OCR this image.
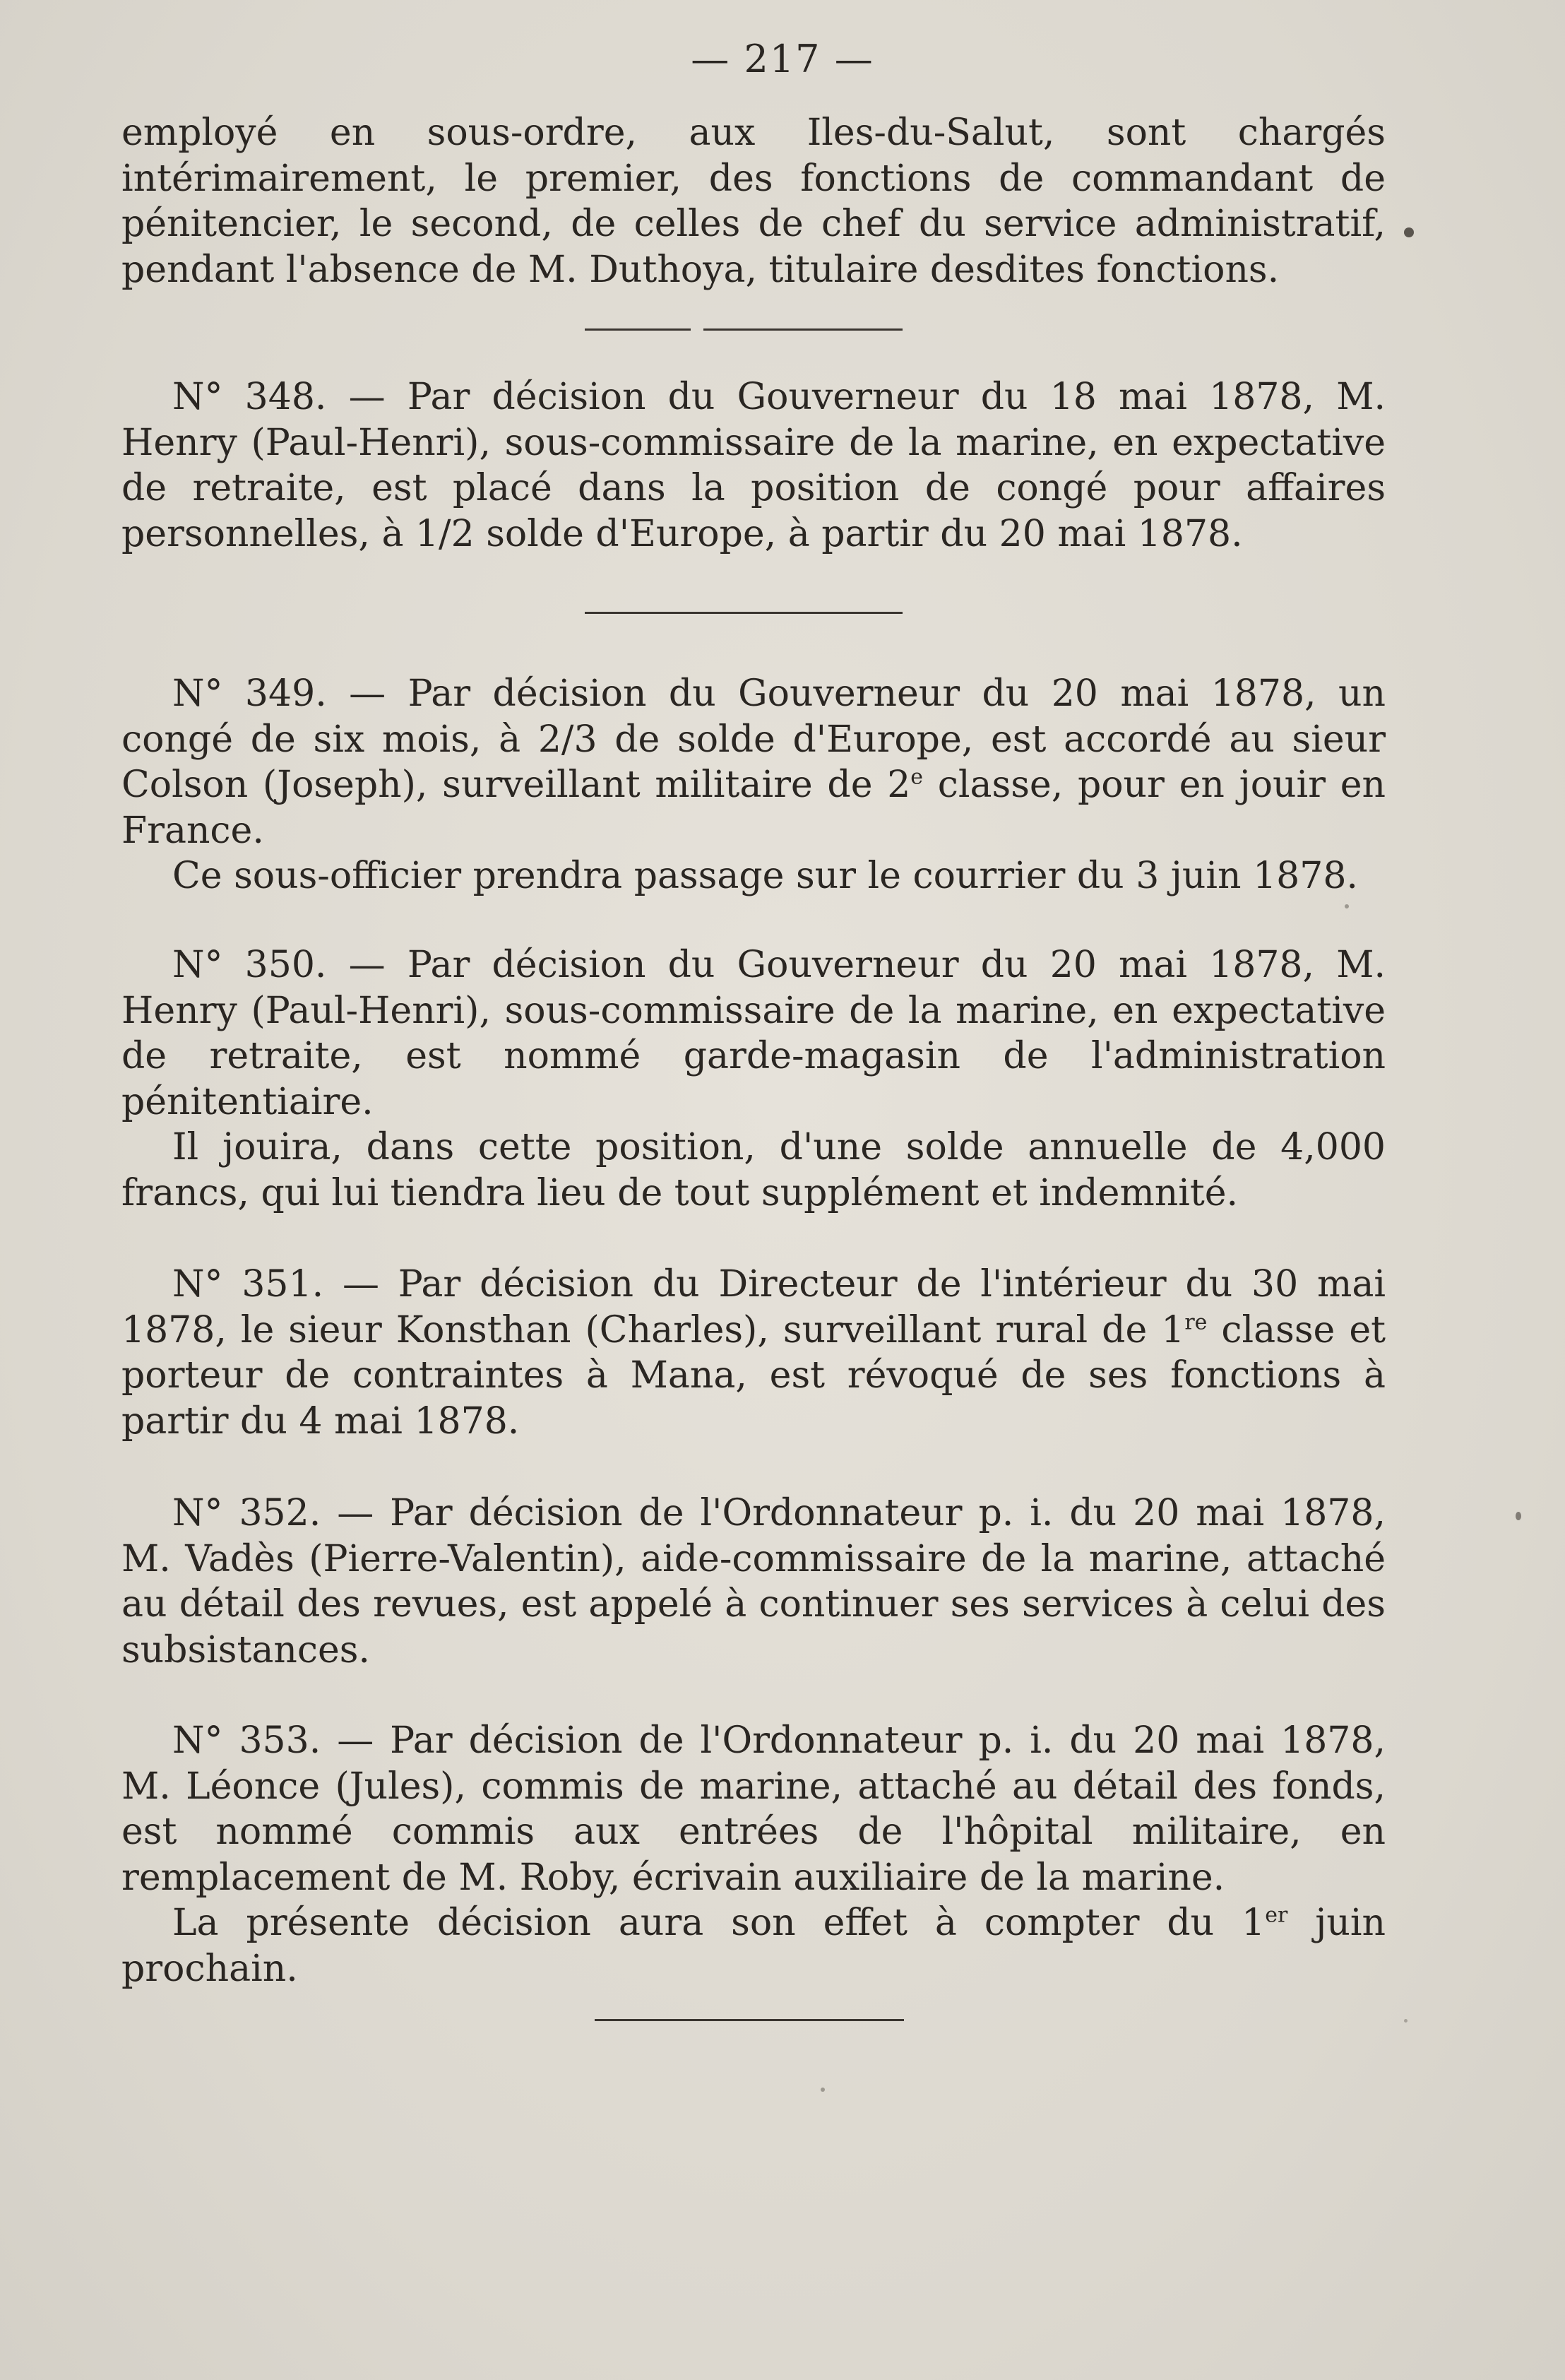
— 217 —

employé en sous-ordre, aux Iles-du-Salut, sont chargés intérimairement, le premier, des fonctions de commandant de pénitencier, le second, de celles de chef du service administratif, pendant l'absence de M. Duthoya, titulaire desdites fonctions.

N° 348. — Par décision du Gouverneur du 18 mai 1878, M. Henry (Paul-Henri), sous-commissaire de la marine, en expectative de retraite, est placé dans la position de congé pour affaires personnelles, à 1/2 solde d'Europe, à partir du 20 mai 1878.

N° 349. — Par décision du Gouverneur du 20 mai 1878, un congé de six mois, à 2/3 de solde d'Europe, est accordé au sieur Colson (Joseph), surveillant militaire de 2e classe, pour en jouir en France.

Ce sous-officier prendra passage sur le courrier du 3 juin 1878.

N° 350. — Par décision du Gouverneur du 20 mai 1878, M. Henry (Paul-Henri), sous-commissaire de la marine, en expectative de retraite, est nommé garde-magasin de l'administration pénitentiaire.

Il jouira, dans cette position, d'une solde annuelle de 4,000 francs, qui lui tiendra lieu de tout supplément et indemnité.

N° 351. — Par décision du Directeur de l'intérieur du 30 mai 1878, le sieur Konsthan (Charles), surveillant rural de 1re classe et porteur de contraintes à Mana, est révoqué de ses fonctions à partir du 4 mai 1878.

N° 352. — Par décision de l'Ordonnateur p. i. du 20 mai 1878, M. Vadès (Pierre-Valentin), aide-commissaire de la marine, attaché au détail des revues, est appelé à continuer ses services à celui des subsistances.

N° 353. — Par décision de l'Ordonnateur p. i. du 20 mai 1878, M. Léonce (Jules), commis de marine, attaché au détail des fonds, est nommé commis aux entrées de l'hôpital militaire, en remplacement de M. Roby, écrivain auxiliaire de la marine.

La présente décision aura son effet à compter du 1er juin prochain.
